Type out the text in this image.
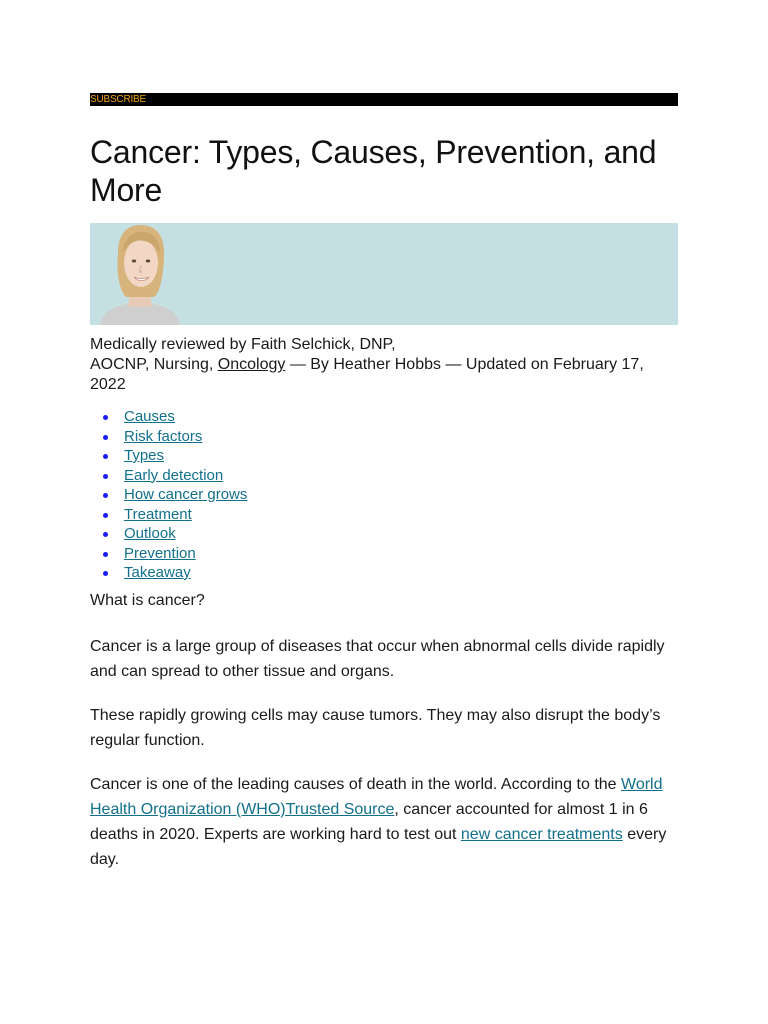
SUBSCRIBE
Cancer: Types, Causes, Prevention, and More
Medically reviewed by Faith Selchick, DNP,
AOCNP, Nursing, Oncology — By Heather Hobbs — Updated on February 17, 2022
Causes
Risk factors
Types
Early detection
How cancer grows
Treatment
Outlook
Prevention
Takeaway
What is cancer?

Cancer is a large group of diseases that occur when abnormal cells divide rapidly and can spread to other tissue and organs.

These rapidly growing cells may cause tumors. They may also disrupt the body’s regular function.

Cancer is one of the leading causes of death in the world. According to the World Health Organization (WHO)Trusted Source, cancer accounted for almost 1 in 6 deaths in 2020. Experts are working hard to test out new cancer treatments every day.
